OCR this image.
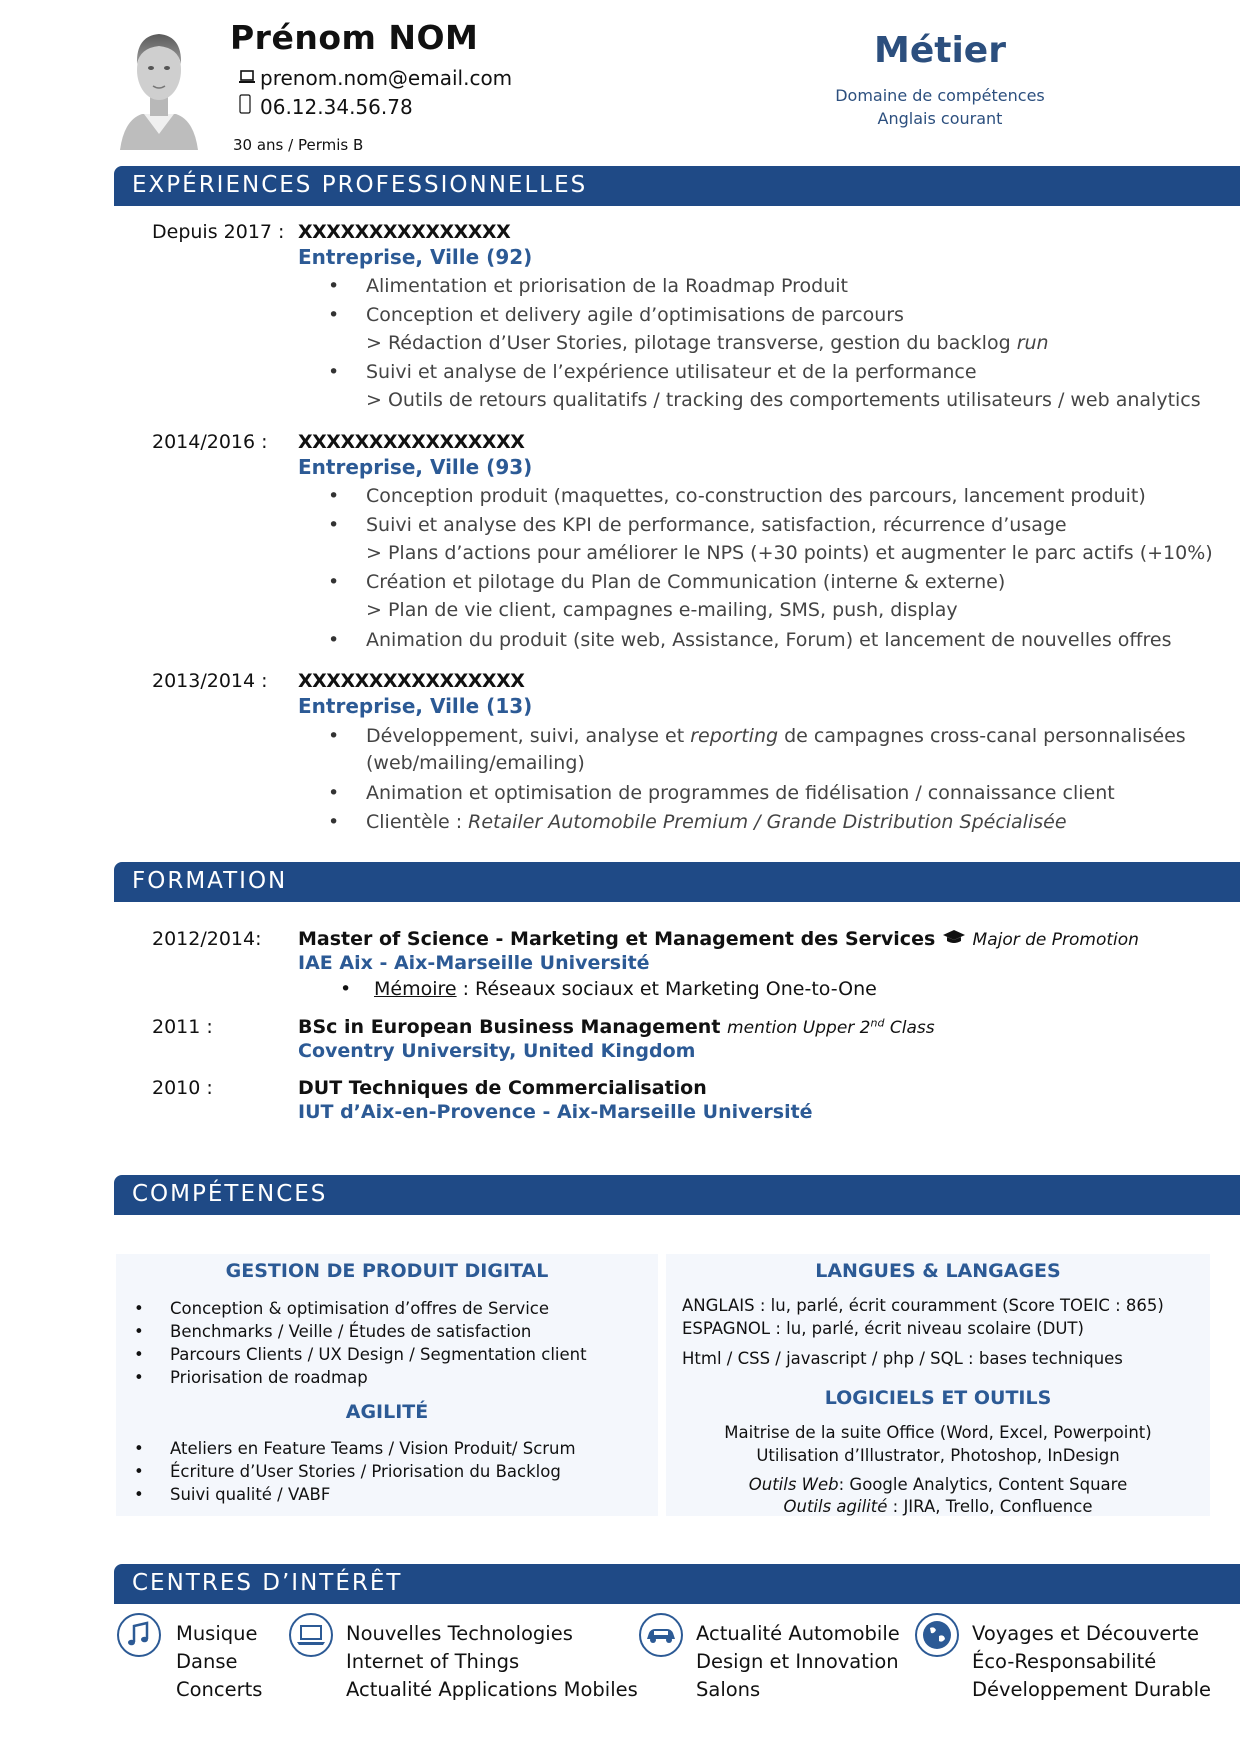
Prénom NOM
prenom.nom@email.com
06.12.34.56.78
30 ans / Permis B
Métier
Domaine de compétences
Anglais courant
EXPÉRIENCES PROFESSIONNELLES
Depuis 2017 : XXXXXXXXXXXXXXX
Entreprise, Ville (92)
Alimentation et priorisation de la Roadmap Produit
Conception et delivery agile d’optimisations de parcours
> Rédaction d’User Stories, pilotage transverse, gestion du backlog run
Suivi et analyse de l’expérience utilisateur et de la performance
> Outils de retours qualitatifs / tracking des comportements utilisateurs / web analytics
2014/2016 : XXXXXXXXXXXXXXXX
Entreprise, Ville (93)
Conception produit (maquettes, co-construction des parcours, lancement produit)
Suivi et analyse des KPI de performance, satisfaction, récurrence d’usage
> Plans d’actions pour améliorer le NPS (+30 points) et augmenter le parc actifs (+10%)
Création et pilotage du Plan de Communication (interne & externe)
> Plan de vie client, campagnes e-mailing, SMS, push, display
Animation du produit (site web, Assistance, Forum) et lancement de nouvelles offres
2013/2014 : XXXXXXXXXXXXXXXX
Entreprise, Ville (13)
Développement, suivi, analyse et reporting de campagnes cross-canal personnalisées
(web/mailing/emailing)
Animation et optimisation de programmes de fidélisation / connaissance client
Clientèle : Retailer Automobile Premium / Grande Distribution Spécialisée
FORMATION
2012/2014: Master of Science - Marketing et Management des Services Major de Promotion
IAE Aix - Aix-Marseille Université
• Mémoire : Réseaux sociaux et Marketing One-to-One
2011 :	BSc in European Business Management mention Upper 2nd Class
Coventry University, United Kingdom
2010 :	DUT Techniques de Commercialisation
IUT d’Aix-en-Provence - Aix-Marseille Université
COMPÉTENCES
GESTION DE PRODUIT DIGITAL
• Conception & optimisation d’offres de Service
• Benchmarks / Veille / Études de satisfaction
• Parcours Clients / UX Design / Segmentation client
• Priorisation de roadmap
AGILITÉ
• Ateliers en Feature Teams / Vision Produit/ Scrum
• Écriture d’User Stories / Priorisation du Backlog
• Suivi qualité / VABF
LANGUES & LANGAGES
ANGLAIS : lu, parlé, écrit couramment (Score TOEIC : 865)
ESPAGNOL : lu, parlé, écrit niveau scolaire (DUT)
Html / CSS / javascript / php / SQL : bases techniques
LOGICIELS ET OUTILS
Maitrise de la suite Office (Word, Excel, Powerpoint)
Utilisation d’Illustrator, Photoshop, InDesign
Outils Web: Google Analytics, Content Square
Outils agilité : JIRA, Trello, Confluence
CENTRES D’INTÉRÊT
Musique
Danse
Concerts
Nouvelles Technologies
Internet of Things
Actualité Applications Mobiles
Actualité Automobile
Design et Innovation
Salons
Voyages et Découverte
Éco-Responsabilité
Développement Durable
